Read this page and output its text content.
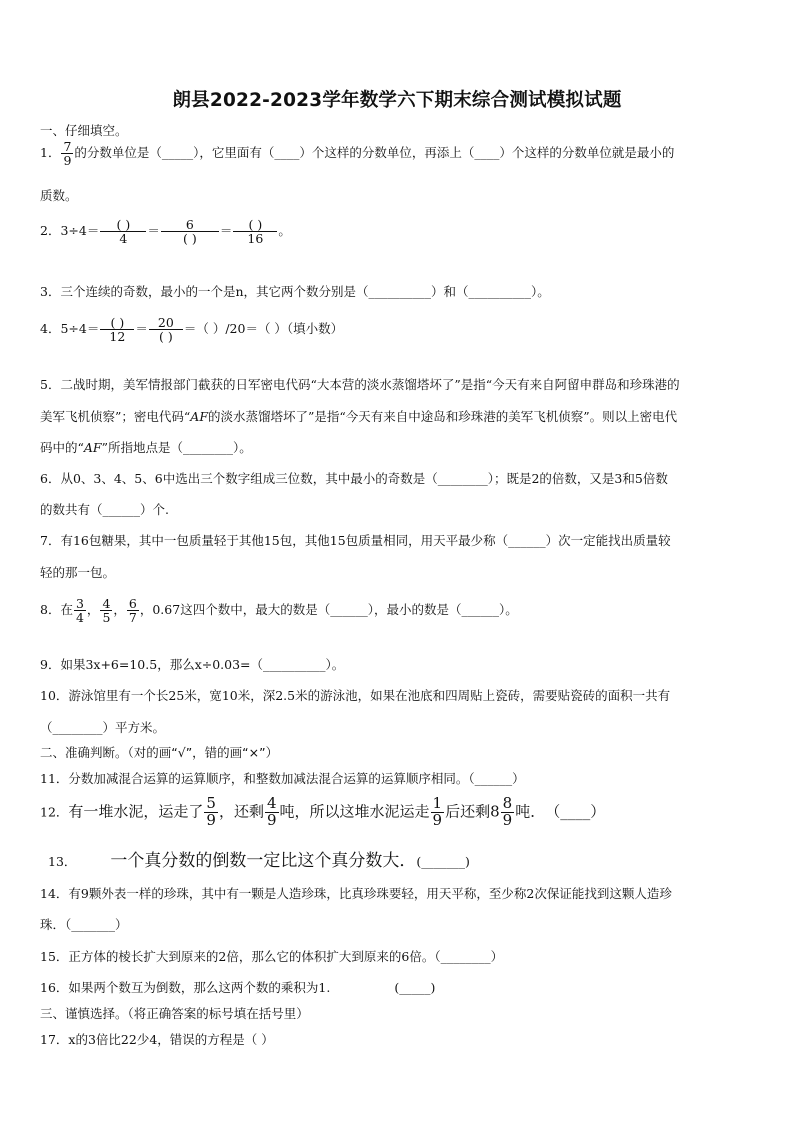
朗县2022-2023学年数学六下期末综合测试模拟试题
一、仔细填空。
1． $\frac{7}{9}$ 的分数单位是（_____），它里面有（____）个这样的分数单位，再添上（____）个这样的分数单位就是最小的
质数。
2．$3\div 4= \frac{( )}{4} = \frac{6}{( )} = \frac{( )}{16}$ 。
3．三个连续的奇数，最小的一个是n，其它两个数分别是（__________）和（__________）。
4．$5\div 4= \frac{( )}{12} = \frac{20}{( )}$ ＝（ ）/20＝（ ）（填小数）
5．二战时期，美军情报部门截获的日军密电代码“大本营的淡水蒸馏塔坏了”是指“今天有来自阿留申群岛和珍珠港的
美军飞机侦察”；密电代码“AF的淡水蒸馏塔坏了”是指“今天有来自中途岛和珍珠港的美军飞机侦察”。则以上密电代
码中的“AF”所指地点是（________）。
6．从0、3、4、5、6中选出三个数字组成三位数，其中最小的奇数是（________）；既是2的倍数，又是3和5倍数
的数共有（______）个.
7．有16包糖果，其中一包质量轻于其他15包，其他15包质量相同，用天平最少称（______）次一定能找出质量较
轻的那一包。
8．在 $\frac{3}{4}$ ， $\frac{4}{5}$ ， $\frac{6}{7}$ ，0.67这四个数中，最大的数是（______），最小的数是（______）。
9．如果3x+6=10.5，那么x÷0.03=（__________）。
10．游泳馆里有一个长25米，宽10米，深2.5米的游泳池，如果在池底和四周贴上瓷砖，需要贴瓷砖的面积一共有
（________）平方米。
二、准确判断。（对的画“√”，错的画“×”）
11．分数加减混合运算的运算顺序，和整数加减法混合运算的运算顺序相同。（______）
12．有一堆水泥，运走了 $\frac{5}{9}$ ，还剩 $\frac{4}{9}$ 吨，所以这堆水泥运走 $\frac{1}{9}$ 后还剩$8 \frac{8}{9}$ 吨．　（____）
13． 一个真分数的倒数一定比这个真分数大．(_______)
14．有9颗外表一样的珍珠，其中有一颗是人造珍珠，比真珍珠要轻，用天平称，至少称2次保证能找到这颗人造珍
珠．（_______）
15．正方体的棱长扩大到原来的2倍，那么它的体积扩大到原来的6倍。（________）
16．如果两个数互为倒数，那么这两个数的乘积为1.	(_____)
三、谨慎选择。（将正确答案的标号填在括号里）
17．x的3倍比22少4，错误的方程是（ ）
